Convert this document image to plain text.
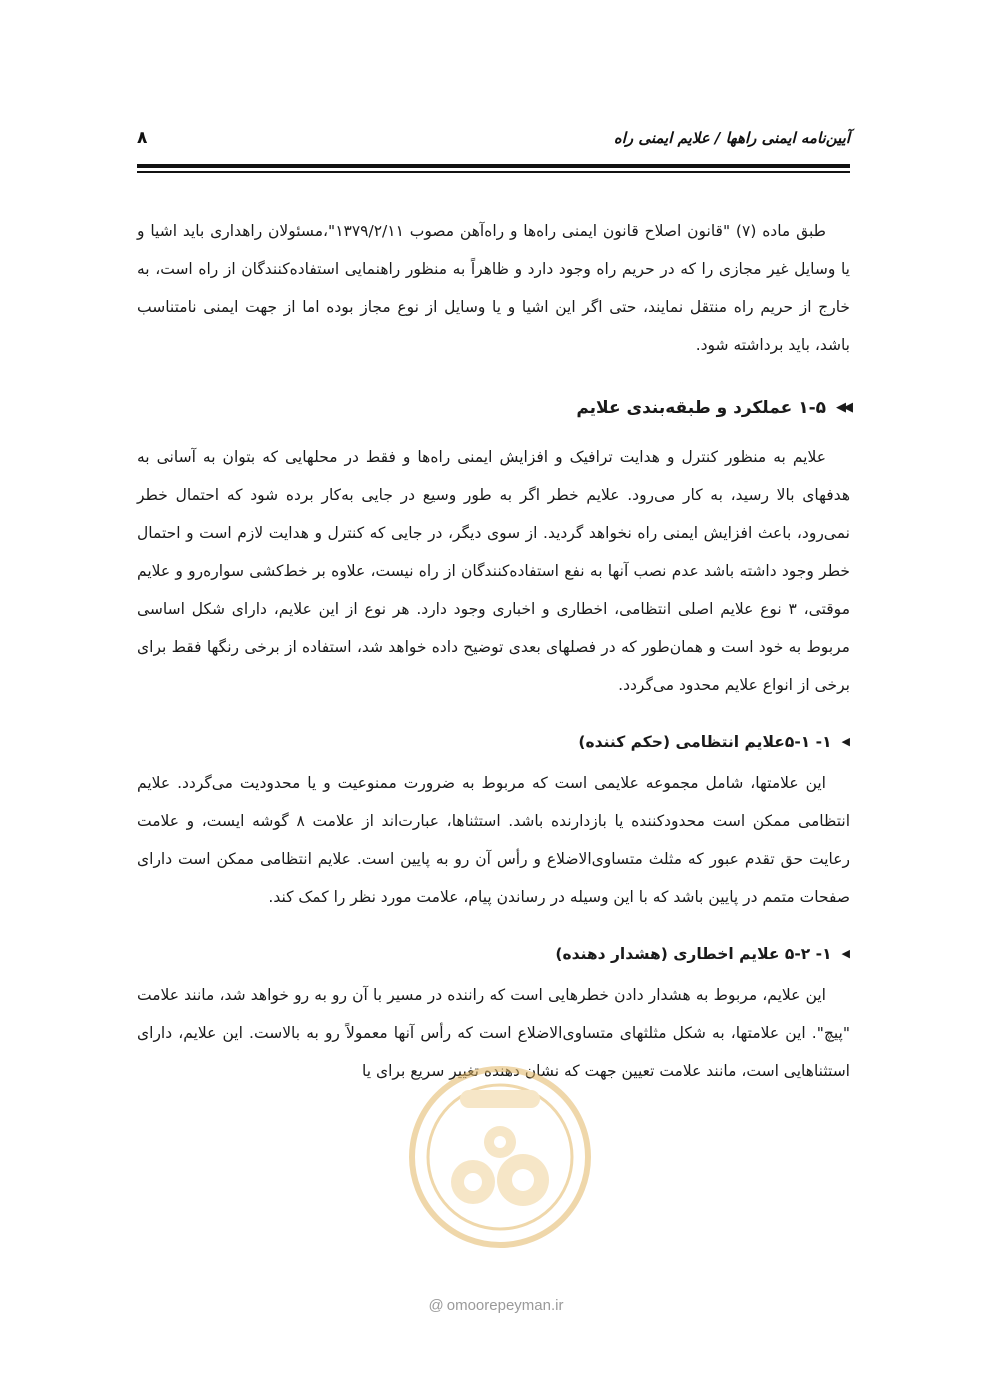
آیین‌نامه ایمنی راهها / علایم ایمنی راه
۸

طبق ماده (۷) "قانون اصلاح قانون ایمنی راه‌ها و راه‌آهن مصوب ۱۳۷۹/۲/۱۱"،مسئولان راهداری باید اشیا و یا وسایل غیر مجازی را که در حریم راه وجود دارد و ظاهراً به منظور راهنمایی استفاده‌کنندگان از راه است، به خارج از حریم راه منتقل نمایند، حتی اگر این اشیا و یا وسایل از نوع مجاز بوده اما از جهت ایمنی نامتناسب باشد، باید برداشته شود.

◀◀
۱-۵ عملکرد و طبقه‌بندی علایم

علایم به منظور کنترل و هدایت ترافیک و افزایش ایمنی راه‌ها و فقط در محلهایی که بتوان به آسانی به هدفهای بالا رسید، به کار می‌رود. علایم خطر اگر به طور وسیع در جایی به‌کار برده شود که احتمال خطر نمی‌رود، باعث افزایش ایمنی راه نخواهد گردید. از سوی دیگر، در جایی که کنترل و هدایت لازم است و احتمال خطر وجود داشته باشد عدم نصب آنها به نفع استفاده‌کنندگان از راه نیست، علاوه بر خط‌کشی سواره‌رو و علایم موقتی، ۳ نوع علایم اصلی انتظامی، اخطاری و اخباری وجود دارد. هر نوع از این علایم، دارای شکل اساسی مربوط به خود است و همان‌طور که در فصلهای بعدی توضیح داده خواهد شد، استفاده از برخی رنگها فقط برای برخی از انواع علایم محدود می‌گردد.

◀
۱- ۵-۱علایم انتظامی (حکم کننده)

این علامتها، شامل مجموعه علایمی است که مربوط به ضرورت ممنوعیت و یا محدودیت می‌گردد. علایم انتظامی ممکن است محدودکننده یا بازدارنده باشد. استثناها، عبارت‌اند از علامت ۸ گوشه ایست، و علامت رعایت حق تقدم عبور که مثلث متساوی‌الاضلاع و رأس آن رو به پایین است. علایم انتظامی ممکن است دارای صفحات متمم در پایین باشد که با این وسیله در رساندن پیام، علامت مورد نظر را کمک کند.

◀
۱- ۵-۲ علایم اخطاری (هشدار دهنده)

این علایم، مربوط به هشدار دادن خطرهایی است که راننده در مسیر با آن رو به رو خواهد شد، مانند علامت "پیچ". این علامتها، به شکل مثلثهای متساوی‌الاضلاع است که رأس آنها معمولاً رو به بالاست. این علایم، دارای استثناهایی است، مانند علامت تعیین جهت که نشان دهنده تغییر سریع برای یا

@ omoorepeyman.ir
